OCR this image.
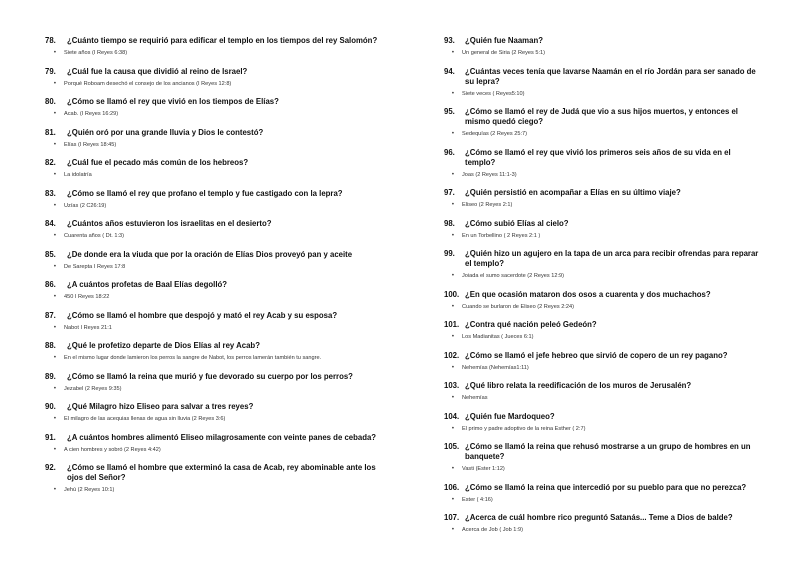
78.	¿Cuánto tiempo se requirió para edificar el templo en los tiempos del rey Salomón?
•	Siete años (I Reyes 6:38)
79.	¿Cuál fue la causa que dividió al reino de Israel?
•	Porqué Roboam desechó el consejo de los ancianos (I Reyes 12:8)
80.	¿Cómo se llamó el rey que vivió en los tiempos de Elías?
•	Acab. (I Reyes 16:29)
81.	¿Quién oró por una grande lluvia y Dios le contestó?
•	Elías (I Reyes 18:45)
82.	¿Cuál fue el pecado más común de los hebreos?
•	La idolatría
83.	¿Cómo se llamó el rey que profano el templo y fue castigado con la lepra?
•	Uzías (2 C26:19)
84.	¿Cuántos años estuvieron los israelitas en el desierto?
•	Cuarenta años ( Dt. 1:3)
85.	¿De donde era la viuda que por la oración de Elías Dios proveyó pan y aceite
•	De Sarepta I Reyes 17:8
86.	¿A cuántos profetas de Baal Elías degolló?
•	450 I Reyes 18:22
87.	¿Cómo se llamó el hombre que despojó y mató el rey Acab y su esposa?
•	Nabot I Reyes 21:1
88.	¿Qué le profetizo departe de Dios Elías al rey Acab?
•	En el mismo lugar donde lamieron los perros la sangre de Nabot, los perros lamerán también tu sangre.
89.	¿Cómo se llamó la reina que murió y fue devorado su cuerpo por los perros?
•	Jezabel (2 Reyes 9:35)
90.	¿Qué Milagro hizo Eliseo para salvar a tres reyes?
•	El milagro de las acequias llenas de agua sin lluvia (2 Reyes 3:6)
91.	¿A cuántos hombres alimentó Eliseo milagrosamente con veinte panes de cebada?
•	A cien hombres y sobró (2 Reyes 4:42)
92.	¿Cómo se llamó el hombre que exterminó la casa de Acab, rey abominable ante los ojos del Señor?
•	Jehú (2 Reyes 10:1)
93.	¿Quién fue Naaman?
•	Un general de Siria (2 Reyes 5:1)
94.	¿Cuántas veces tenía que lavarse Naamán en el río Jordán para ser sanado de su lepra?
•	Siete veces ( Reyes5:10)
95.	¿Cómo se llamó el rey de Judá que vio a sus hijos muertos, y entonces el mismo quedó ciego?
•	Sedequías (2 Reyes 25:7)
96.	¿Cómo se llamó el rey que vivió los primeros seis años de su vida en el templo?
•	Joas (2 Reyes 11:1-3)
97.	¿Quién persistió en acompañar a Elías en su último viaje?
•	Eliseo (2 Reyes 2:1)
98.	¿Cómo subió Elías al cielo?
•	En un Torbellino ( 2 Reyes 2:1 )
99.	¿Quién hizo un agujero en la tapa de un arca para recibir ofrendas para reparar el templo?
•	Joiada el sumo sacerdote (2 Reyes 12:9)
100. ¿En que ocasión mataron dos osos a cuarenta y dos muchachos?
•	Cuando se burlaron de Eliseo (2 Reyes 2:24)
101. ¿Contra qué nación peleó Gedeón?
•	Los Madianitas ( Jueces 6:1)
102. ¿Cómo se llamó el jefe hebreo que sirvió de copero de un rey pagano?
•	Nehemías (Nehemías1:11)
103. ¿Qué libro relata la reedificación de los muros de Jerusalén?
•	Nehemías
104. ¿Quién fue Mardoqueo?
•	El primo y padre adoptivo de la reina Esther ( 2:7)
105. ¿Cómo se llamó la reina que rehusó mostrarse a un grupo de hombres en un banquete?
•	Vasti (Ester 1:12)
106. ¿Cómo se llamó la reina que intercedió por su pueblo para que no perezca?
•	Ester ( 4:16)
107. ¿Acerca de cuál hombre rico preguntó Satanás... Teme a Dios de balde?
•	Acerca de Job ( Job 1:9)
